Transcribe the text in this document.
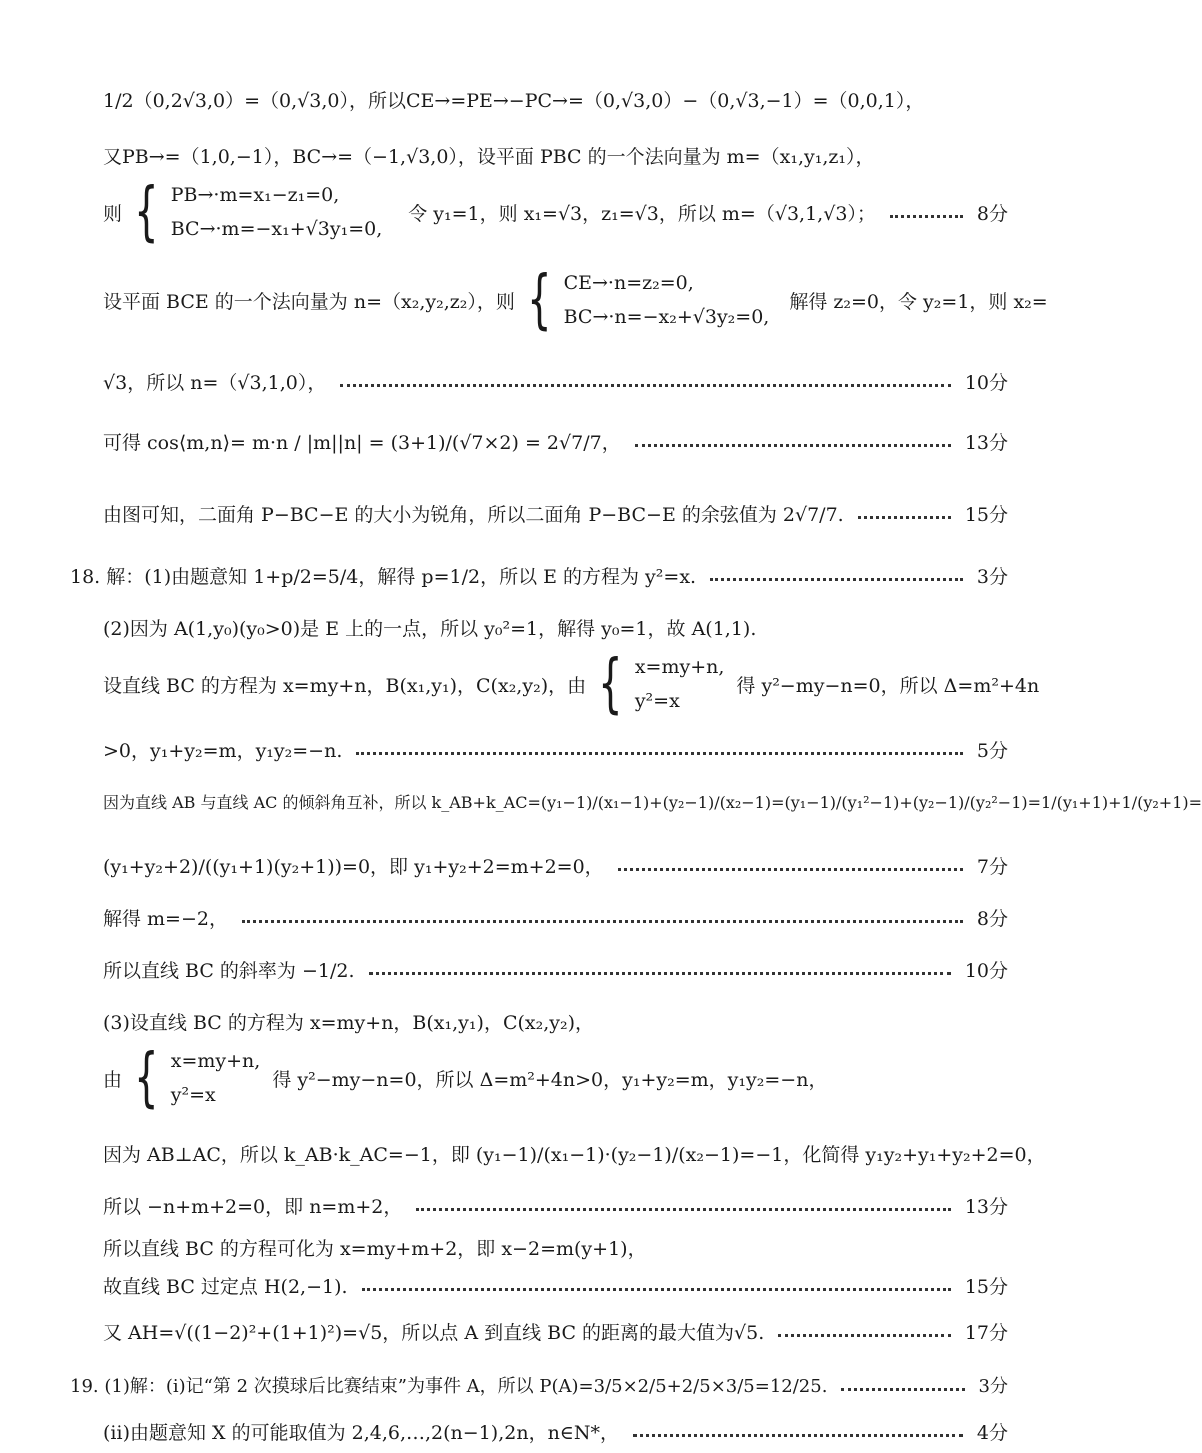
1/2（0,2√3,0）=（0,√3,0），所以CE→=PE→−PC→=（0,√3,0）−（0,√3,−1）=（0,0,1），
又PB→=（1,0,−1），BC→=（−1,√3,0），设平面 PBC 的一个法向量为 m=（x₁,y₁,z₁），
则 { PB→·m=x₁−z₁=0,
BC→·m=−x₁+√3y₁=0,
令 y₁=1，则 x₁=√3，z₁=√3，所以 m=（√3,1,√3）；	8分
设平面 BCE 的一个法向量为 n=（x₂,y₂,z₂），则 { CE→·n=z₂=0,
BC→·n=−x₂+√3y₂=0,
解得 z₂=0，令 y₂=1，则 x₂=
√3，所以 n=（√3,1,0），	10分
可得 cos⟨m,n⟩= m·n / |m||n| = (3+1)/(√7×2) = 2√7/7，	13分
由图可知，二面角 P−BC−E 的大小为锐角，所以二面角 P−BC−E 的余弦值为 2√7/7.	15分
18. 解：(1)由题意知 1+p/2=5/4，解得 p=1/2，所以 E 的方程为 y²=x.	3分
(2)因为 A(1,y₀)(y₀>0)是 E 上的一点，所以 y₀²=1，解得 y₀=1，故 A(1,1).
设直线 BC 的方程为 x=my+n，B(x₁,y₁)，C(x₂,y₂)，由 { x=my+n,
y²=x
得 y²−my−n=0，所以 Δ=m²+4n
>0，y₁+y₂=m，y₁y₂=−n.	5分
因为直线 AB 与直线 AC 的倾斜角互补，所以 k_AB+k_AC=(y₁−1)/(x₁−1)+(y₂−1)/(x₂−1)=(y₁−1)/(y₁²−1)+(y₂−1)/(y₂²−1)=1/(y₁+1)+1/(y₂+1)=
(y₁+y₂+2)/((y₁+1)(y₂+1))=0，即 y₁+y₂+2=m+2=0，	7分
解得 m=−2，	8分
所以直线 BC 的斜率为 −1/2.	10分
(3)设直线 BC 的方程为 x=my+n，B(x₁,y₁)，C(x₂,y₂)，
由 { x=my+n,
y²=x
得 y²−my−n=0，所以 Δ=m²+4n>0，y₁+y₂=m，y₁y₂=−n，
因为 AB⊥AC，所以 k_AB·k_AC=−1，即 (y₁−1)/(x₁−1)·(y₂−1)/(x₂−1)=−1，化简得 y₁y₂+y₁+y₂+2=0，
所以 −n+m+2=0，即 n=m+2，	13分
所以直线 BC 的方程可化为 x=my+m+2，即 x−2=m(y+1)，
故直线 BC 过定点 H(2,−1).	15分
又 AH=√((1−2)²+(1+1)²)=√5，所以点 A 到直线 BC 的距离的最大值为√5.	17分
19. (1)解：(ⅰ)记“第 2 次摸球后比赛结束”为事件 A，所以 P(A)=3/5×2/5+2/5×3/5=12/25.	3分
(ⅱ)由题意知 X 的可能取值为 2,4,6,…,2(n−1),2n，n∈N*，	4分
